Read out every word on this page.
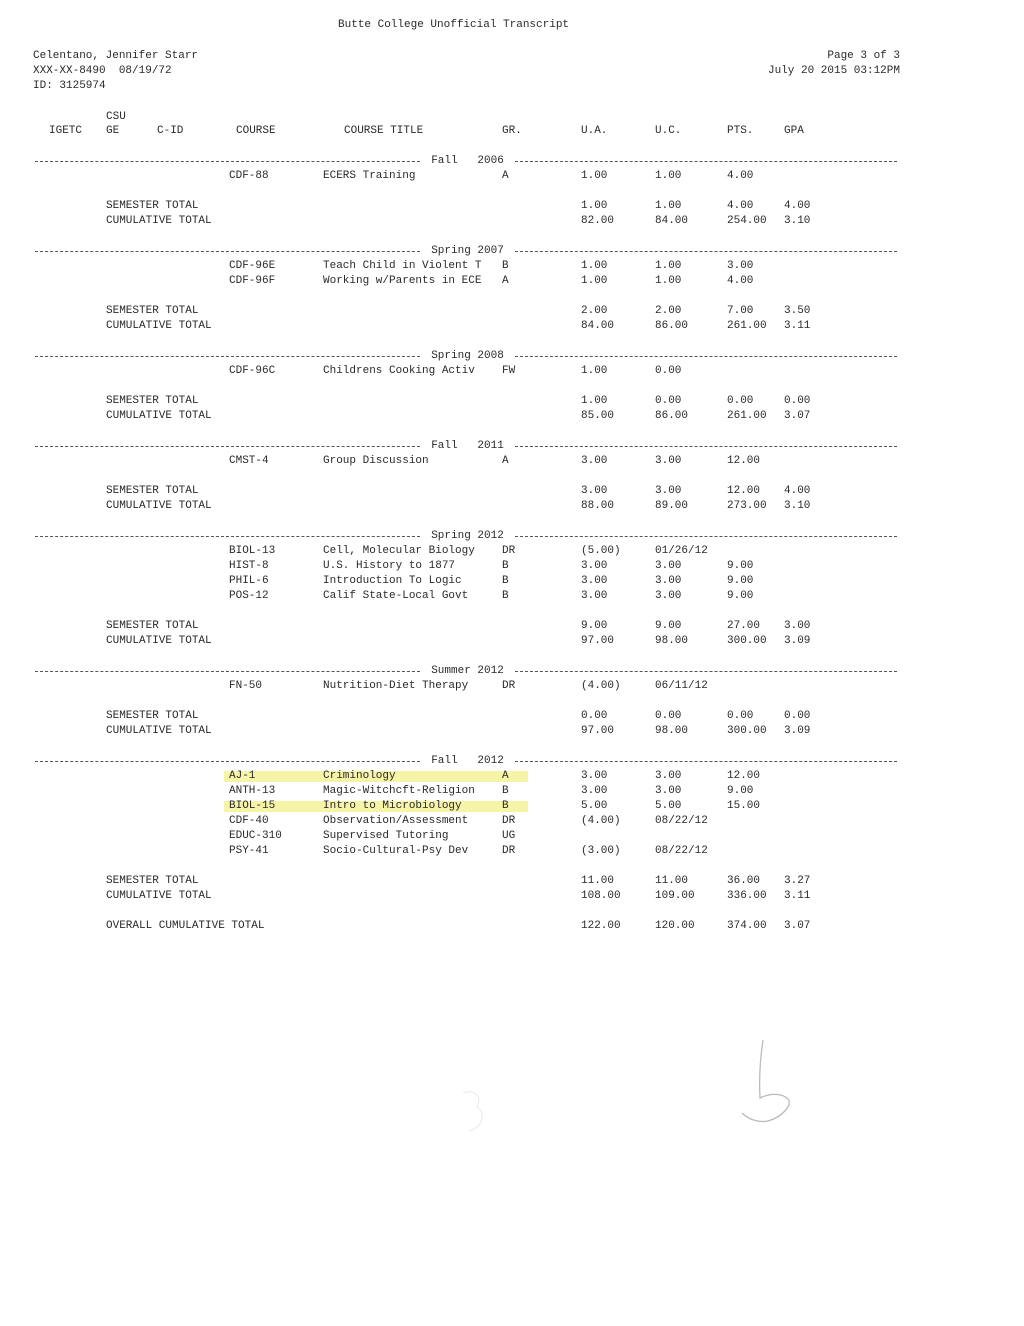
Butte College Unofficial Transcript
Celentano, Jennifer Starr
XXX-XX-8490  08/19/72
ID: 3125974
Page 3 of 3
July 20 2015 03:12PM
CSU
IGETC GE	C-ID	COURSE	COURSE TITLE	GR.	U.A.	U.C.	PTS.	GPA
Fall   2006
CDF-88	ECERS Training	A	1.00	1.00	4.00
SEMESTER TOTAL	1.00	1.00	4.00	4.00
CUMULATIVE TOTAL	82.00	84.00	254.00 3.10
Spring 2007
CDF-96E	Teach Child in Violent T B	1.00	1.00	3.00
CDF-96F	Working w/Parents in ECE A	1.00	1.00	4.00
SEMESTER TOTAL	2.00	2.00	7.00	3.50
CUMULATIVE TOTAL	84.00	86.00	261.00 3.11
Spring 2008
CDF-96C	Childrens Cooking Activ FW	1.00	0.00
SEMESTER TOTAL	1.00	0.00	0.00	0.00
CUMULATIVE TOTAL	85.00	86.00	261.00 3.07
Fall   2011
CMST-4	Group Discussion	A	3.00	3.00	12.00
SEMESTER TOTAL	3.00	3.00	12.00 4.00
CUMULATIVE TOTAL	88.00	89.00	273.00 3.10
Spring 2012
BIOL-13	Cell, Molecular Biology DR	(5.00)	01/26/12
HIST-8	U.S. History to 1877	B	3.00	3.00	9.00
PHIL-6	Introduction To Logic	B	3.00	3.00	9.00
POS-12	Calif State-Local Govt	B	3.00	3.00	9.00
SEMESTER TOTAL	9.00	9.00	27.00 3.00
CUMULATIVE TOTAL	97.00	98.00	300.00 3.09
Summer 2012
FN-50	Nutrition-Diet Therapy	DR	(4.00)	06/11/12
SEMESTER TOTAL	0.00	0.00	0.00	0.00
CUMULATIVE TOTAL	97.00	98.00	300.00 3.09
Fall   2012
AJ-1	Criminology	A	3.00	3.00	12.00
ANTH-13	Magic-Witchcft-Religion B	3.00	3.00	9.00
BIOL-15	Intro to Microbiology	B	5.00	5.00	15.00
CDF-40	Observation/Assessment	DR	(4.00)	08/22/12
EDUC-310	Supervised Tutoring	UG
PSY-41	Socio-Cultural-Psy Dev	DR	(3.00)	08/22/12
SEMESTER TOTAL	11.00	11.00	36.00 3.27
CUMULATIVE TOTAL	108.00	109.00	336.00 3.11
OVERALL CUMULATIVE TOTAL	122.00	120.00	374.00 3.07
